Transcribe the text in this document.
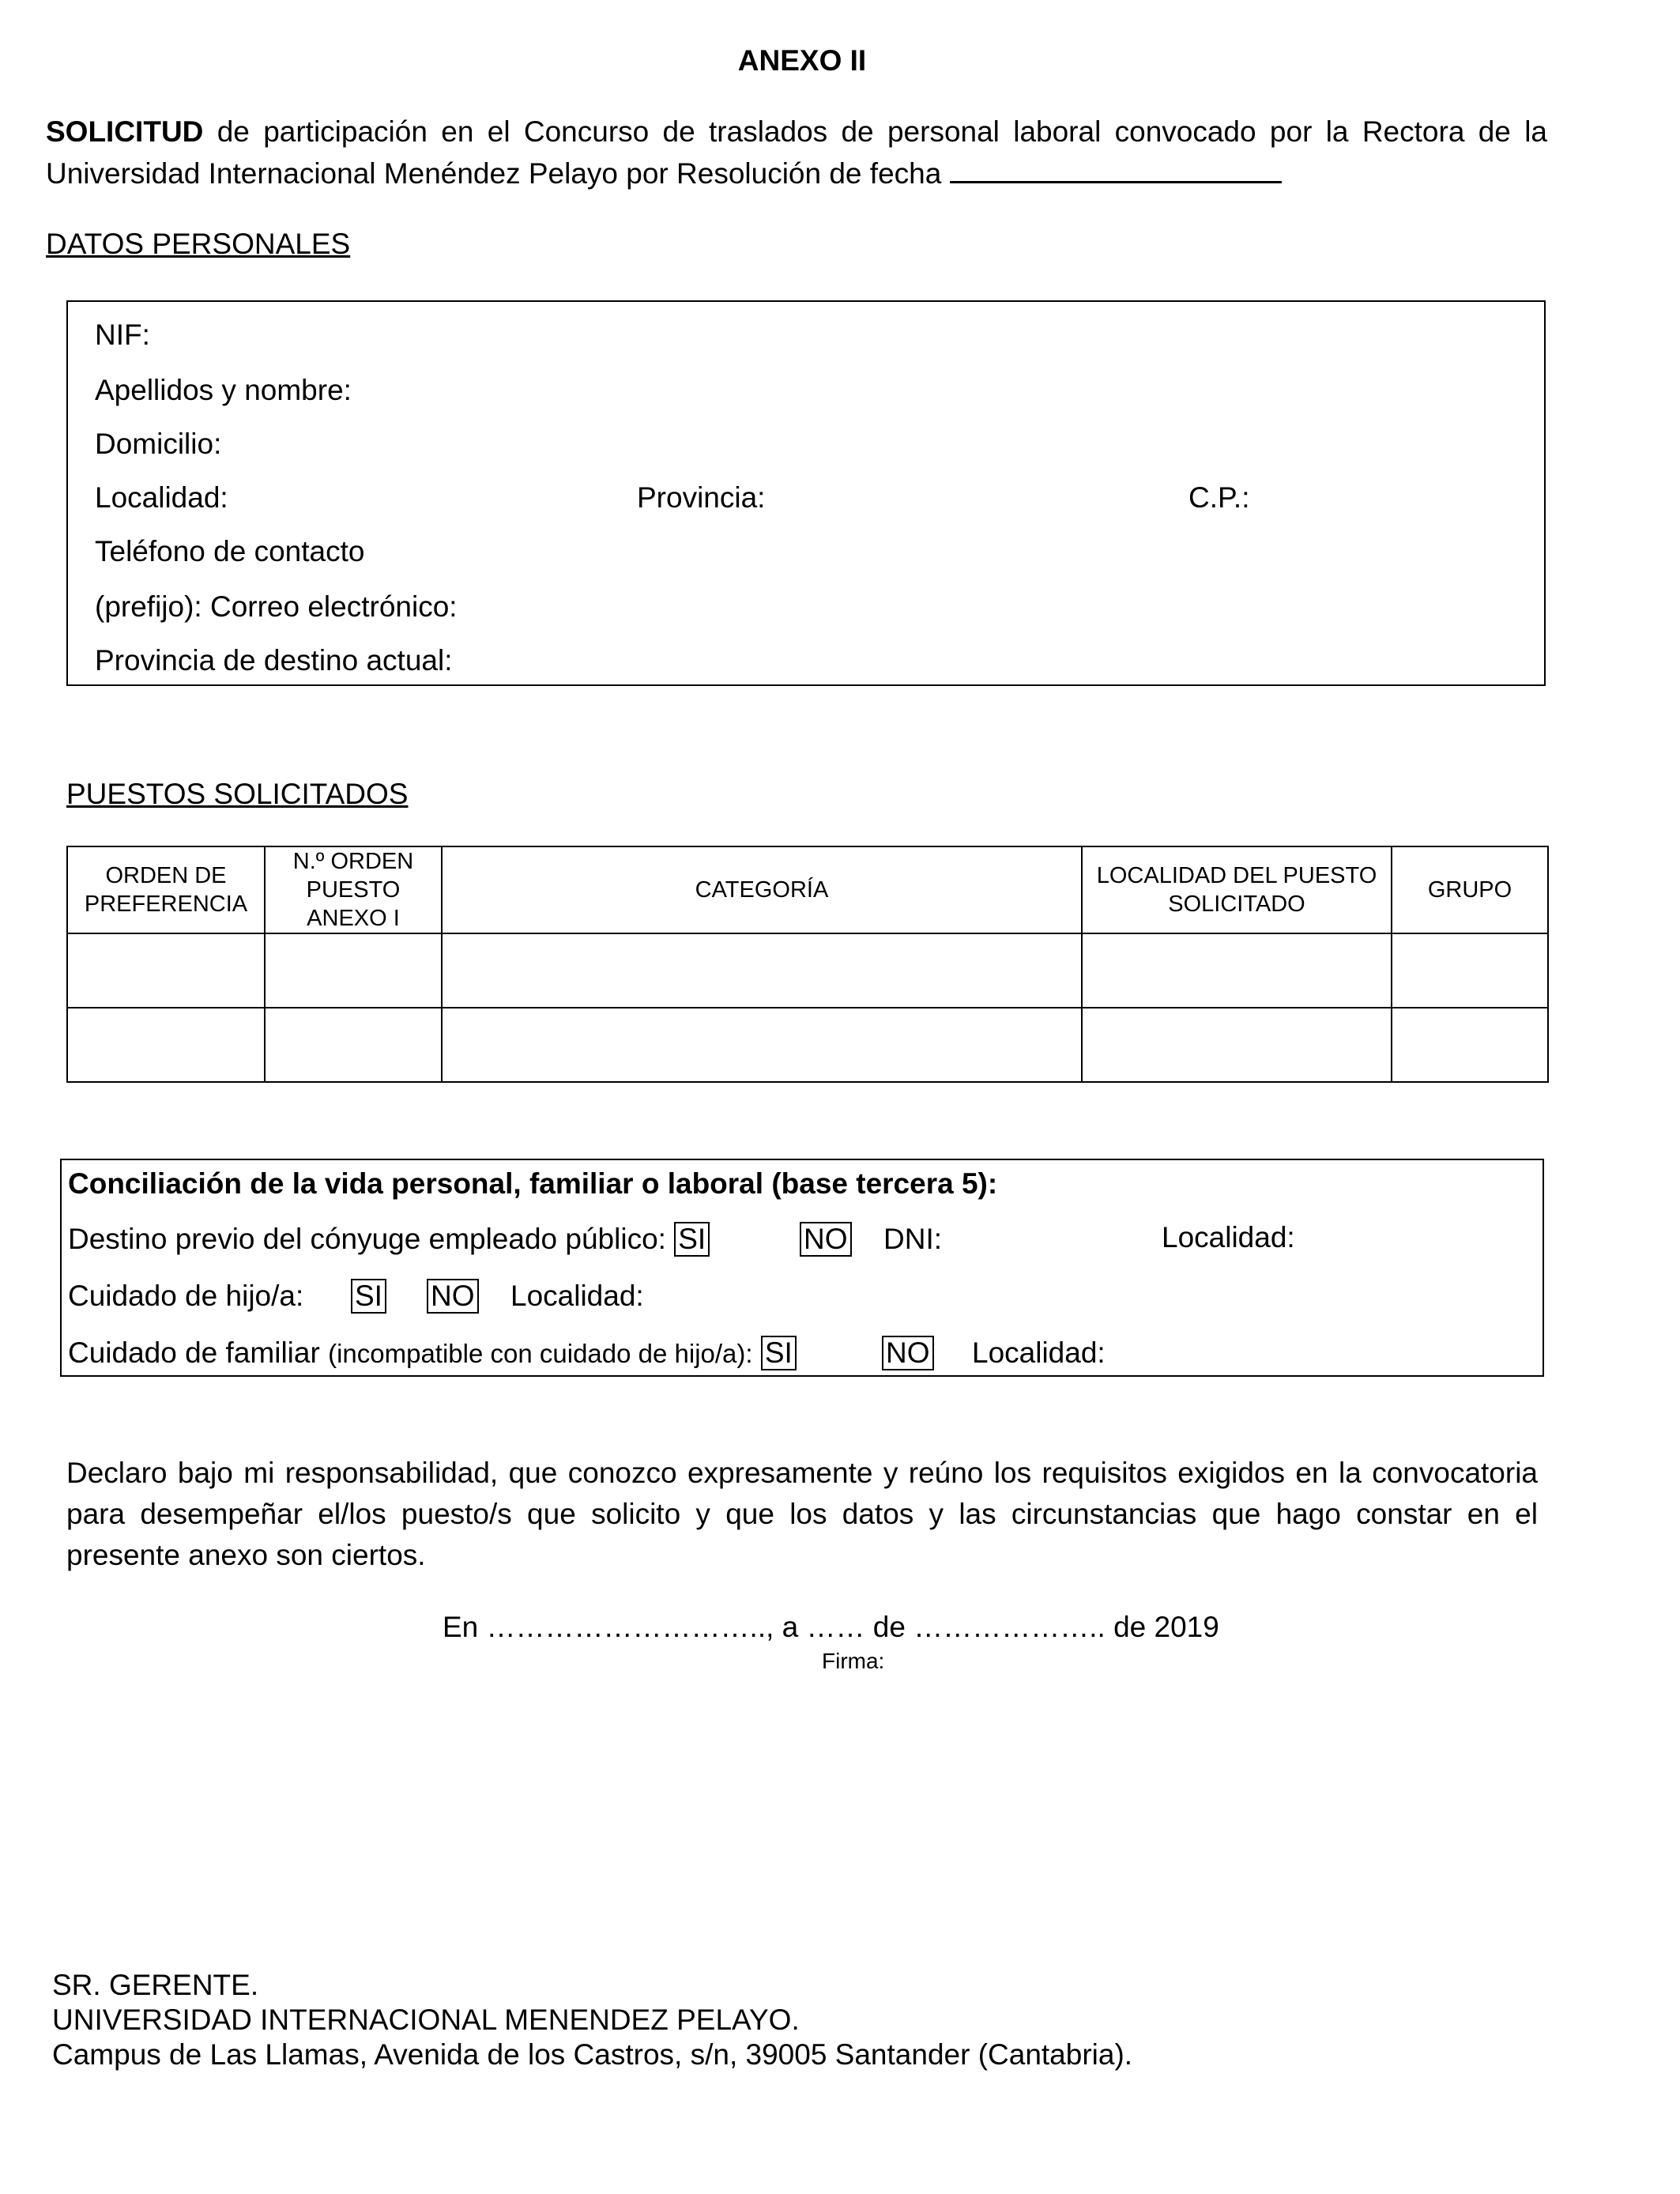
ANEXO II
SOLICITUD de participación en el Concurso de traslados de personal laboral convocado por la Rectora de la Universidad Internacional Menéndez Pelayo por Resolución de fecha
DATOS PERSONALES
NIF:
Apellidos y nombre:
Domicilio:
Localidad:	Provincia:	C.P.:
Teléfono de contacto
(prefijo): Correo electrónico:
Provincia de destino actual:
PUESTOS SOLICITADOS
ORDEN DE PREFERENCIA	N.º ORDEN PUESTO ANEXO I	CATEGORÍA	LOCALIDAD DEL PUESTO SOLICITADO	GRUPO

Conciliación de la vida personal, familiar o laboral (base tercera 5):
Destino previo del cónyuge empleado público: SI	NO DNI:	Localidad:
Cuidado de hijo/a: SI NO Localidad:
Cuidado de familiar (incompatible con cuidado de hijo/a): SI	NO Localidad:
Declaro bajo mi responsabilidad, que conozco expresamente y reúno los requisitos exigidos en la convocatoria para desempeñar el/los puesto/s que solicito y que los datos y las circunstancias que hago constar en el presente anexo son ciertos.
En ……………………….., a …… de ……………….. de 2019
Firma:
SR. GERENTE.
UNIVERSIDAD INTERNACIONAL MENENDEZ PELAYO.
Campus de Las Llamas, Avenida de los Castros, s/n, 39005 Santander (Cantabria).
